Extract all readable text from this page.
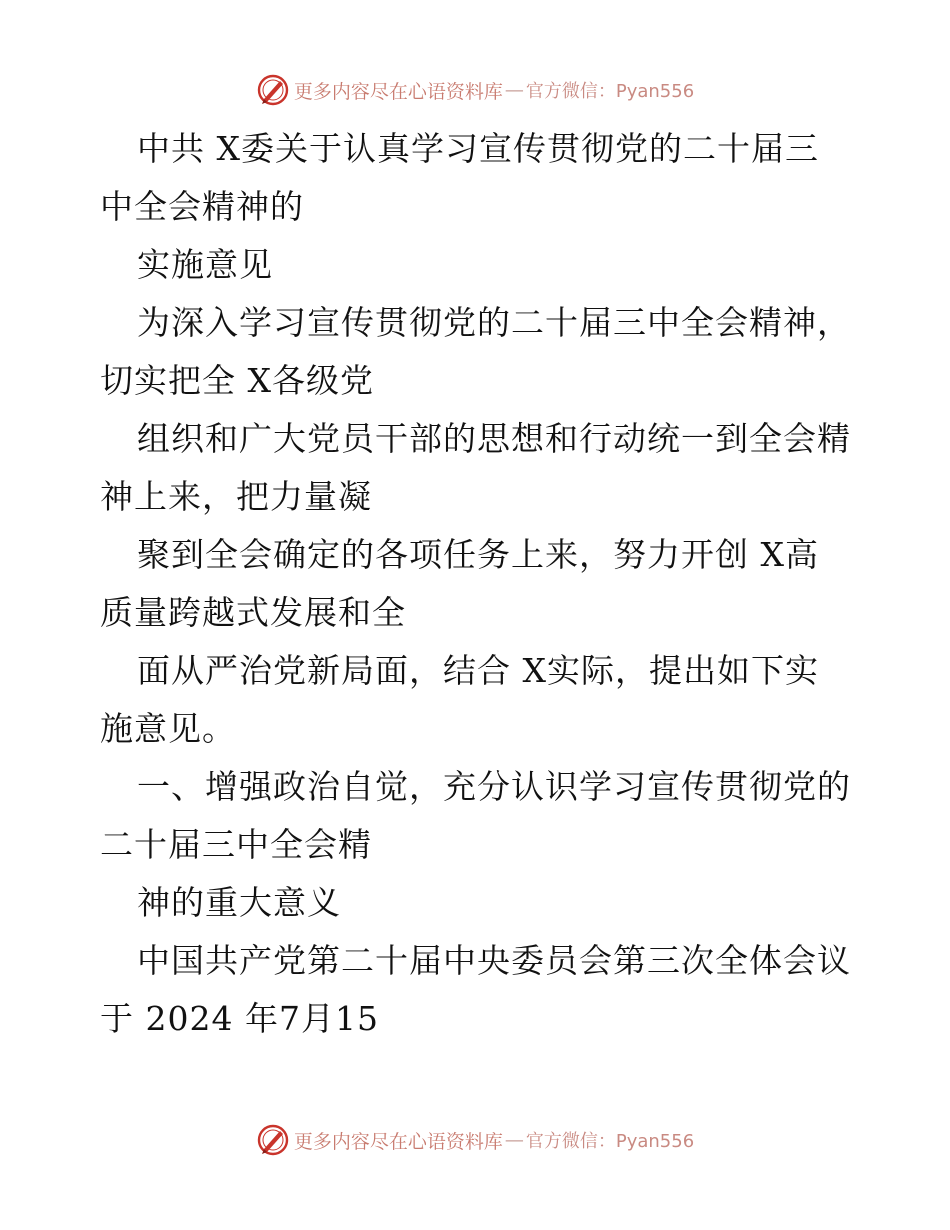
更多内容尽在心语资料库 — 官方微信：Pyan556
中共 X委关于认真学习宣传贯彻党的二十届三
中全会精神的
实施意见
为深入学习宣传贯彻党的二十届三中全会精神，
切实把全 X各级党
组织和广大党员干部的思想和行动统一到全会精
神上来，把力量凝
聚到全会确定的各项任务上来，努力开创 X高
质量跨越式发展和全
面从严治党新局面，结合 X实际，提出如下实
施意见。
一、增强政治自觉，充分认识学习宣传贯彻党的
二十届三中全会精
神的重大意义
中国共产党第二十届中央委员会第三次全体会议
于 2024 年7月15
更多内容尽在心语资料库 — 官方微信：Pyan556
